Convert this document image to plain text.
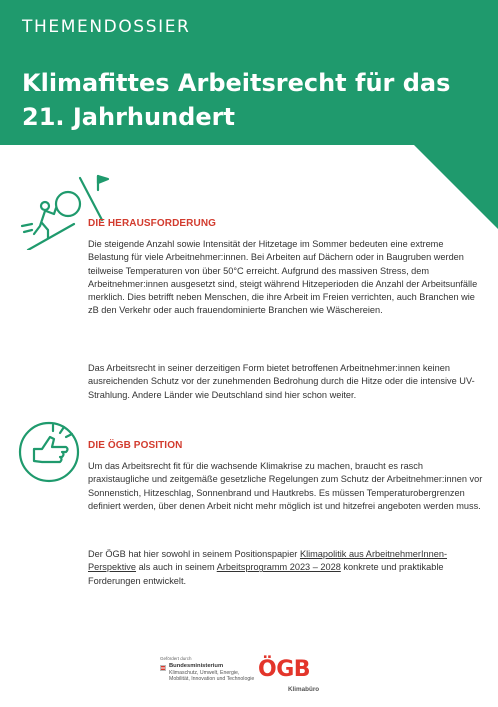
THEMENDOSSIER
Klimafittes Arbeitsrecht für das 21. Jahrhundert
DIE HERAUSFORDERUNG

Die steigende Anzahl sowie Intensität der Hitzetage im Sommer bedeuten eine extreme Belastung für viele Arbeitnehmer:innen. Bei Arbeiten auf Dächern oder in Baugruben werden teilweise Temperaturen von über 50°C erreicht. Aufgrund des massiven Stress, dem Arbeitnehmer:innen ausgesetzt sind, steigt während Hitzeperioden die Anzahl der Arbeitsunfälle merklich. Dies betrifft neben Menschen, die ihre Arbeit im Freien verrichten, auch Branchen wie zB den Verkehr oder auch frauendominierte Branchen wie Wäschereien.

Das Arbeitsrecht in seiner derzeitigen Form bietet betroffenen Arbeitnehmer:innen keinen ausreichenden Schutz vor der zunehmenden Bedrohung durch die Hitze oder die intensive UV-Strahlung. Andere Länder wie Deutschland sind hier schon weiter.

DIE ÖGB POSITION

Um das Arbeitsrecht fit für die wachsende Klimakrise zu machen, braucht es rasch praxistaugliche und zeitgemäße gesetzliche Regelungen zum Schutz der Arbeitnehmer:innen vor Sonnenstich, Hitzeschlag, Sonnenbrand und Hautkrebs. Es müssen Temperaturobergrenzen definiert werden, über denen Arbeit nicht mehr möglich ist und hitzefrei angeboten werden muss.

Der ÖGB hat hier sowohl in seinem Positionspapier Klimapolitik aus ArbeitnehmerInnen-Perspektive als auch in seinem Arbeitsprogramm 2023 – 2028 konkrete und praktikable Forderungen entwickelt.

Gefördert durch
Bundesministerium
Klimaschutz, Umwelt, Energie, Mobilität, Innovation und Technologie ÖGB
Klimabüro
